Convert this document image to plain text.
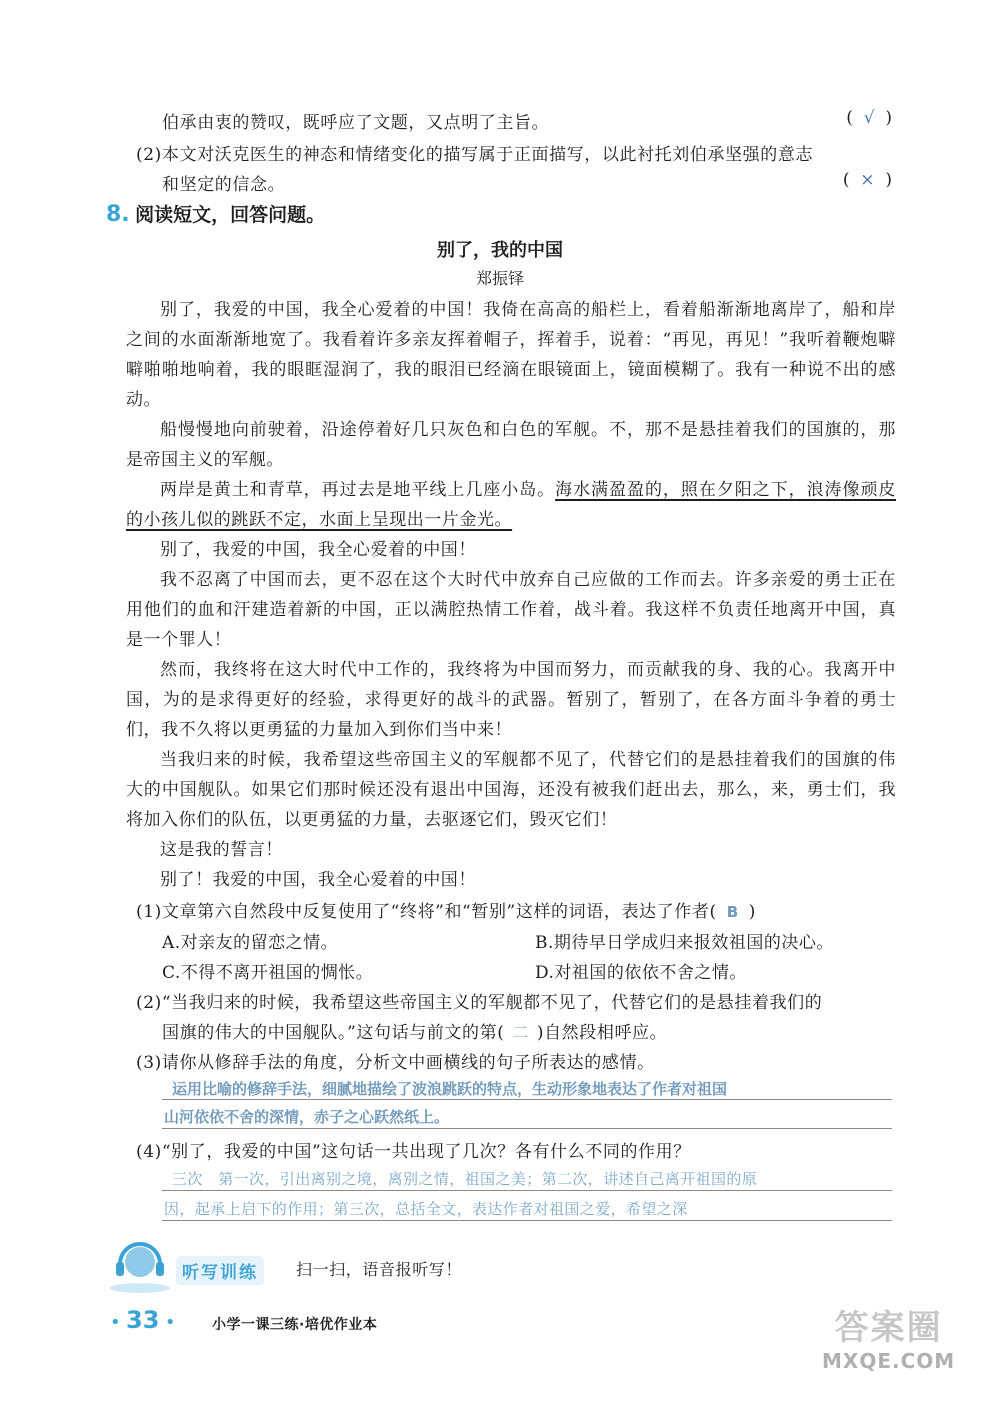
伯承由衷的赞叹，既呼应了文题，又点明了主旨。	(  √  )
(2)本文对沃克医生的神态和情绪变化的描写属于正面描写，以此衬托刘伯承坚强的意志
和坚定的信念。	(  ×  )
8. 阅读短文，回答问题。
别了，我的中国
郑振铎
别了，我爱的中国，我全心爱着的中国！我倚在高高的船栏上，看着船渐渐地离岸了，船和岸之间的水面渐渐地宽了。我看着许多亲友挥着帽子，挥着手，说着：“再见，再见！”我听着鞭炮噼噼啪啪地响着，我的眼眶湿润了，我的眼泪已经滴在眼镜面上，镜面模糊了。我有一种说不出的感动。
船慢慢地向前驶着，沿途停着好几只灰色和白色的军舰。不，那不是悬挂着我们的国旗的，那是帝国主义的军舰。
两岸是黄土和青草，再过去是地平线上几座小岛。海水满盈盈的，照在夕阳之下，浪涛像顽皮的小孩儿似的跳跃不定，水面上呈现出一片金光。
别了，我爱的中国，我全心爱着的中国！
我不忍离了中国而去，更不忍在这个大时代中放弃自己应做的工作而去。许多亲爱的勇士正在用他们的血和汗建造着新的中国，正以满腔热情工作着，战斗着。我这样不负责任地离开中国，真是一个罪人！
然而，我终将在这大时代中工作的，我终将为中国而努力，而贡献我的身、我的心。我离开中国，为的是求得更好的经验，求得更好的战斗的武器。暂别了，暂别了，在各方面斗争着的勇士们，我不久将以更勇猛的力量加入到你们当中来！
当我归来的时候，我希望这些帝国主义的军舰都不见了，代替它们的是悬挂着我们的国旗的伟大的中国舰队。如果它们那时候还没有退出中国海，还没有被我们赶出去，那么，来，勇士们，我将加入你们的队伍，以更勇猛的力量，去驱逐它们，毁灭它们！
这是我的誓言！
别了！我爱的中国，我全心爱着的中国！
(1)文章第六自然段中反复使用了“终将”和“暂别”这样的词语，表达了作者( B )
A.对亲友的留恋之情。	B.期待早日学成归来报效祖国的决心。
C.不得不离开祖国的惆怅。	D.对祖国的依依不舍之情。
(2)“当我归来的时候，我希望这些帝国主义的军舰都不见了，代替它们的是悬挂着我们的
国旗的伟大的中国舰队。”这句话与前文的第( 二 )自然段相呼应。
(3)请你从修辞手法的角度，分析文中画横线的句子所表达的感情。
运用比喻的修辞手法，细腻地描绘了波浪跳跃的特点，生动形象地表达了作者对祖国
山河依依不舍的深情，赤子之心跃然纸上。
(4)“别了，我爱的中国”这句话一共出现了几次？各有什么不同的作用？
三次　第一次，引出离别之境，离别之情，祖国之美；第二次，讲述自己离开祖国的原
因，起承上启下的作用；第三次，总括全文，表达作者对祖国之爱，希望之深
听写训练	扫一扫，语音报听写！
• 33 •	小学一课三练·培优作业本	答案圈
MXQE.COM
